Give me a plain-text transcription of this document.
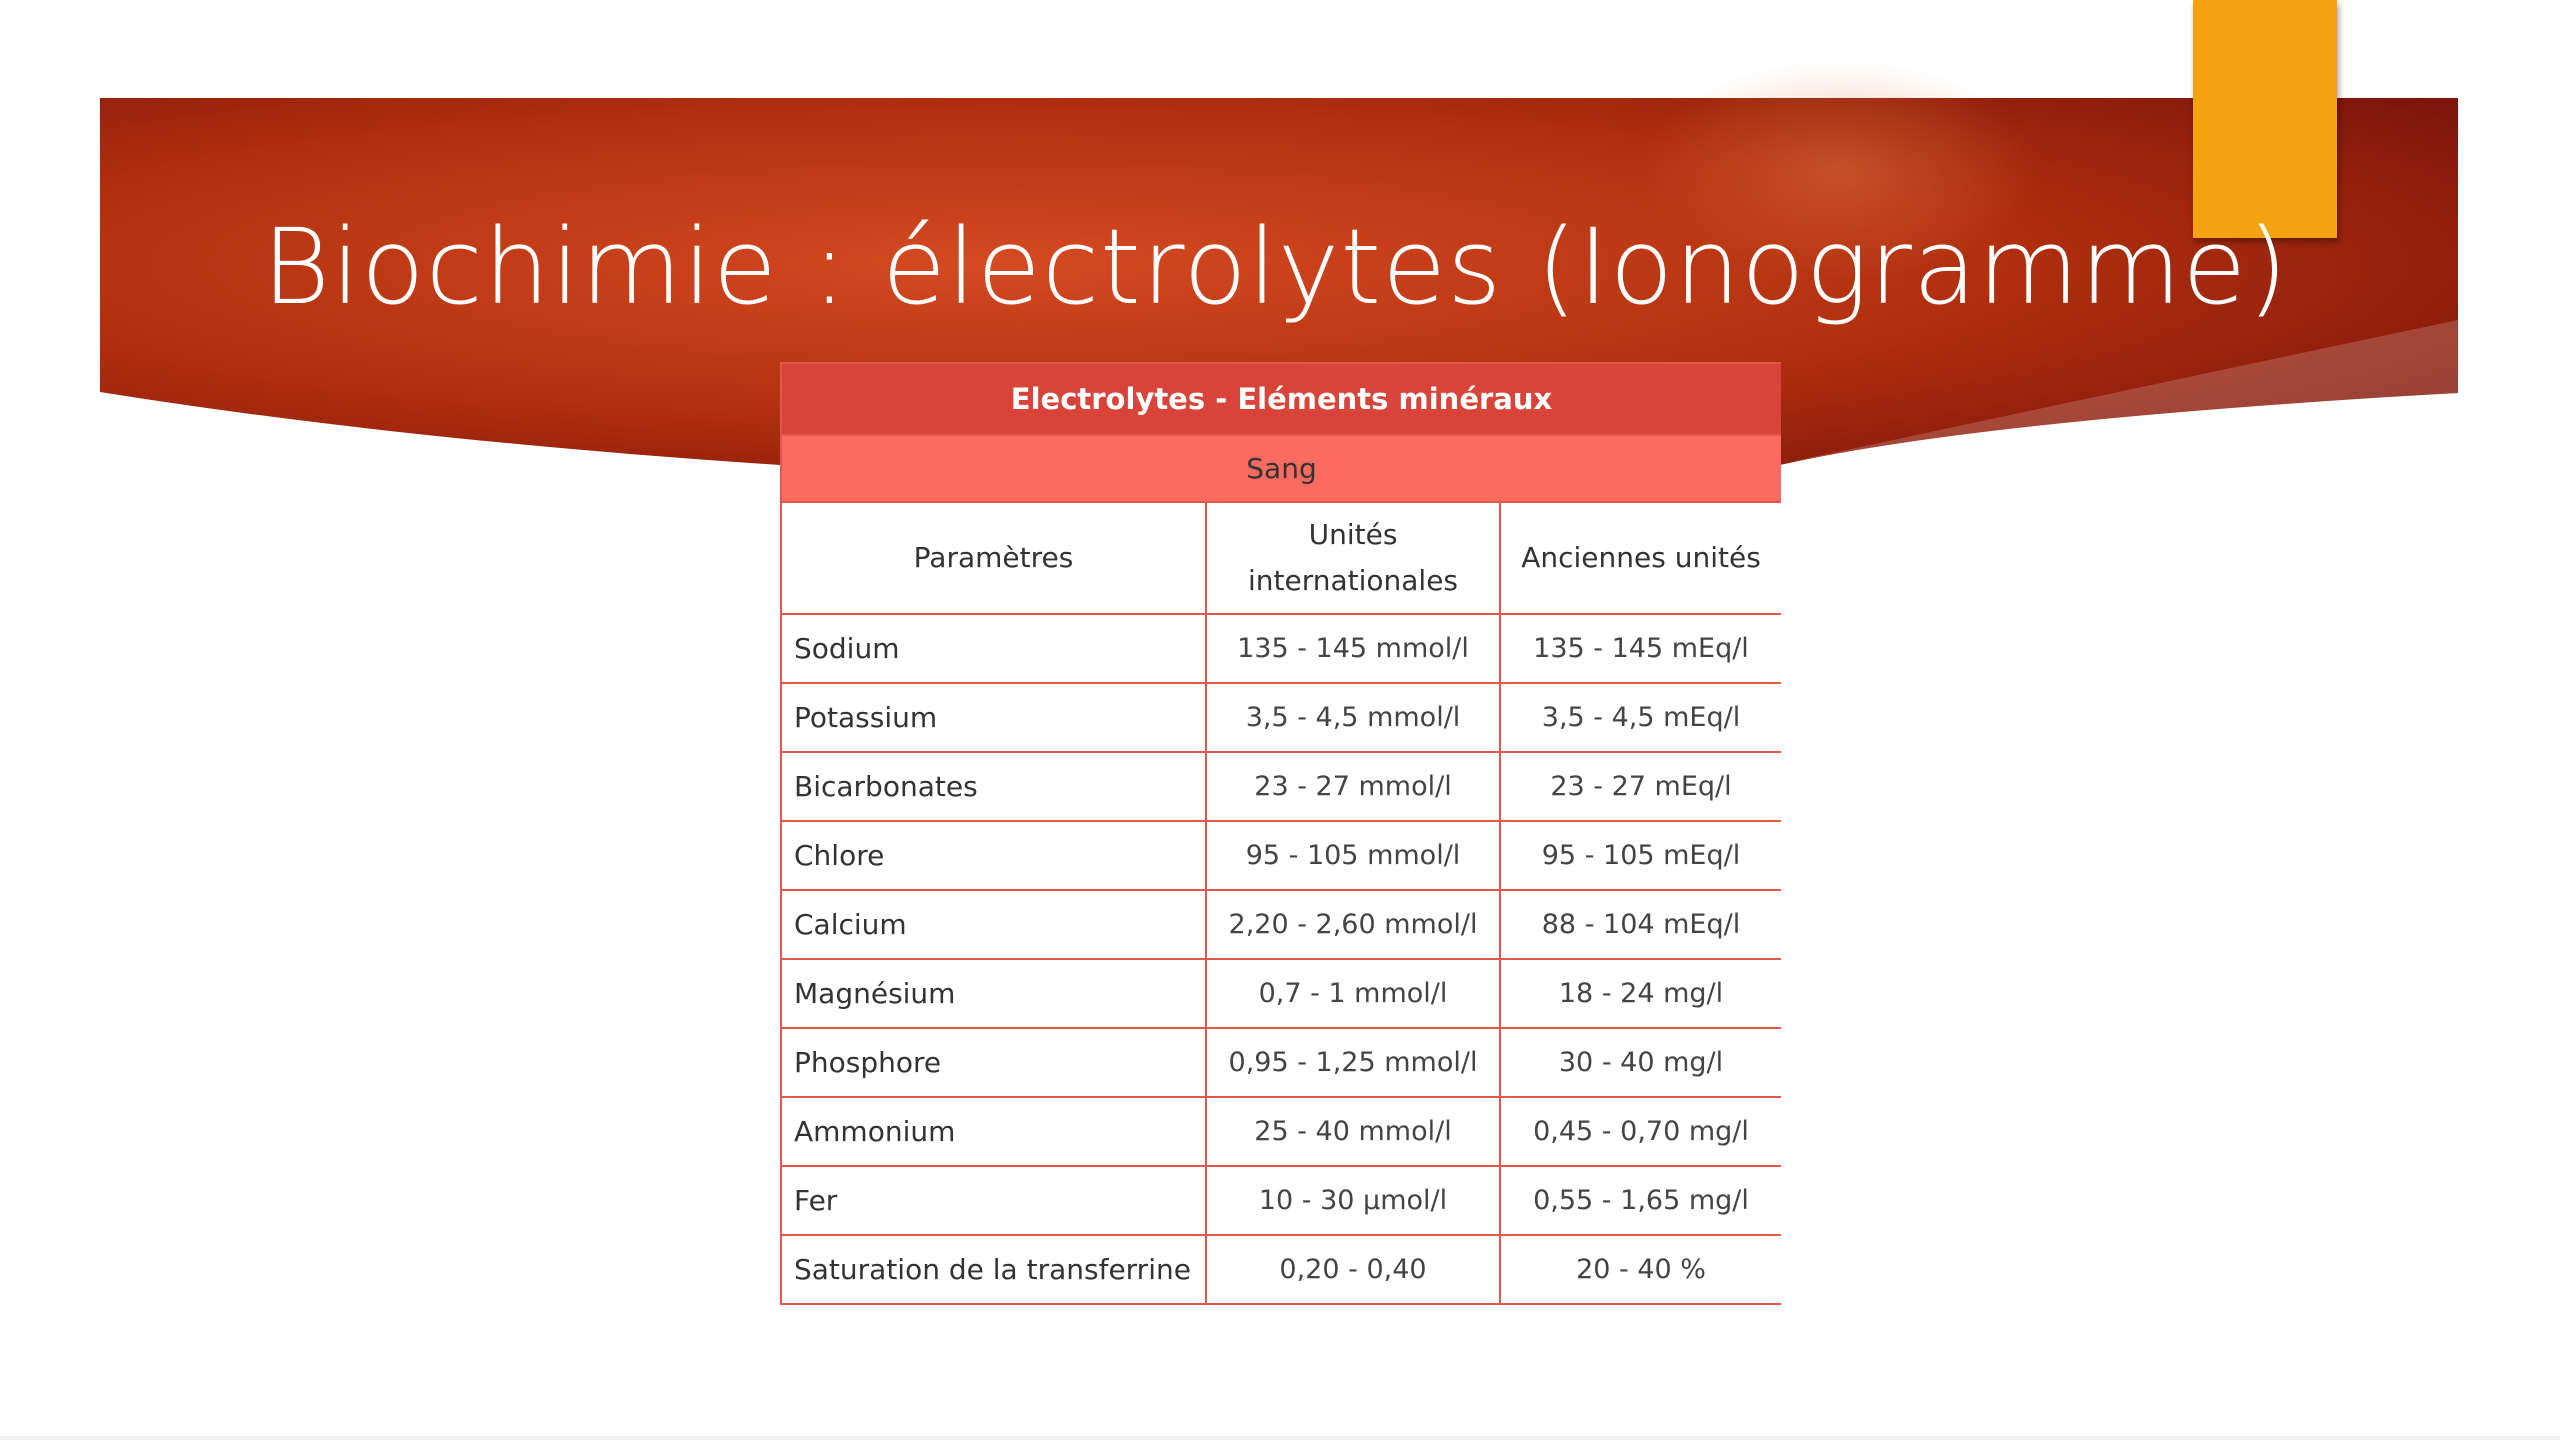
Biochimie : électrolytes (Ionogramme)
Electrolytes - Eléments minéraux		
Sang		
Paramètres	Unités internationales	Anciennes unités
Sodium	135 - 145 mmol/l	135 - 145 mEq/l
Potassium	3,5 - 4,5 mmol/l	3,5 - 4,5 mEq/l
Bicarbonates	23 - 27 mmol/l	23 - 27 mEq/l
Chlore	95 - 105 mmol/l	95 - 105 mEq/l
Calcium	2,20 - 2,60 mmol/l	88 - 104 mEq/l
Magnésium	0,7 - 1 mmol/l	18 - 24 mg/l
Phosphore	0,95 - 1,25 mmol/l	30 - 40 mg/l
Ammonium	25 - 40 mmol/l	0,45 - 0,70 mg/l
Fer	10 - 30 µmol/l	0,55 - 1,65 mg/l
Saturation de la transferrine	0,20 - 0,40	20 - 40 %
